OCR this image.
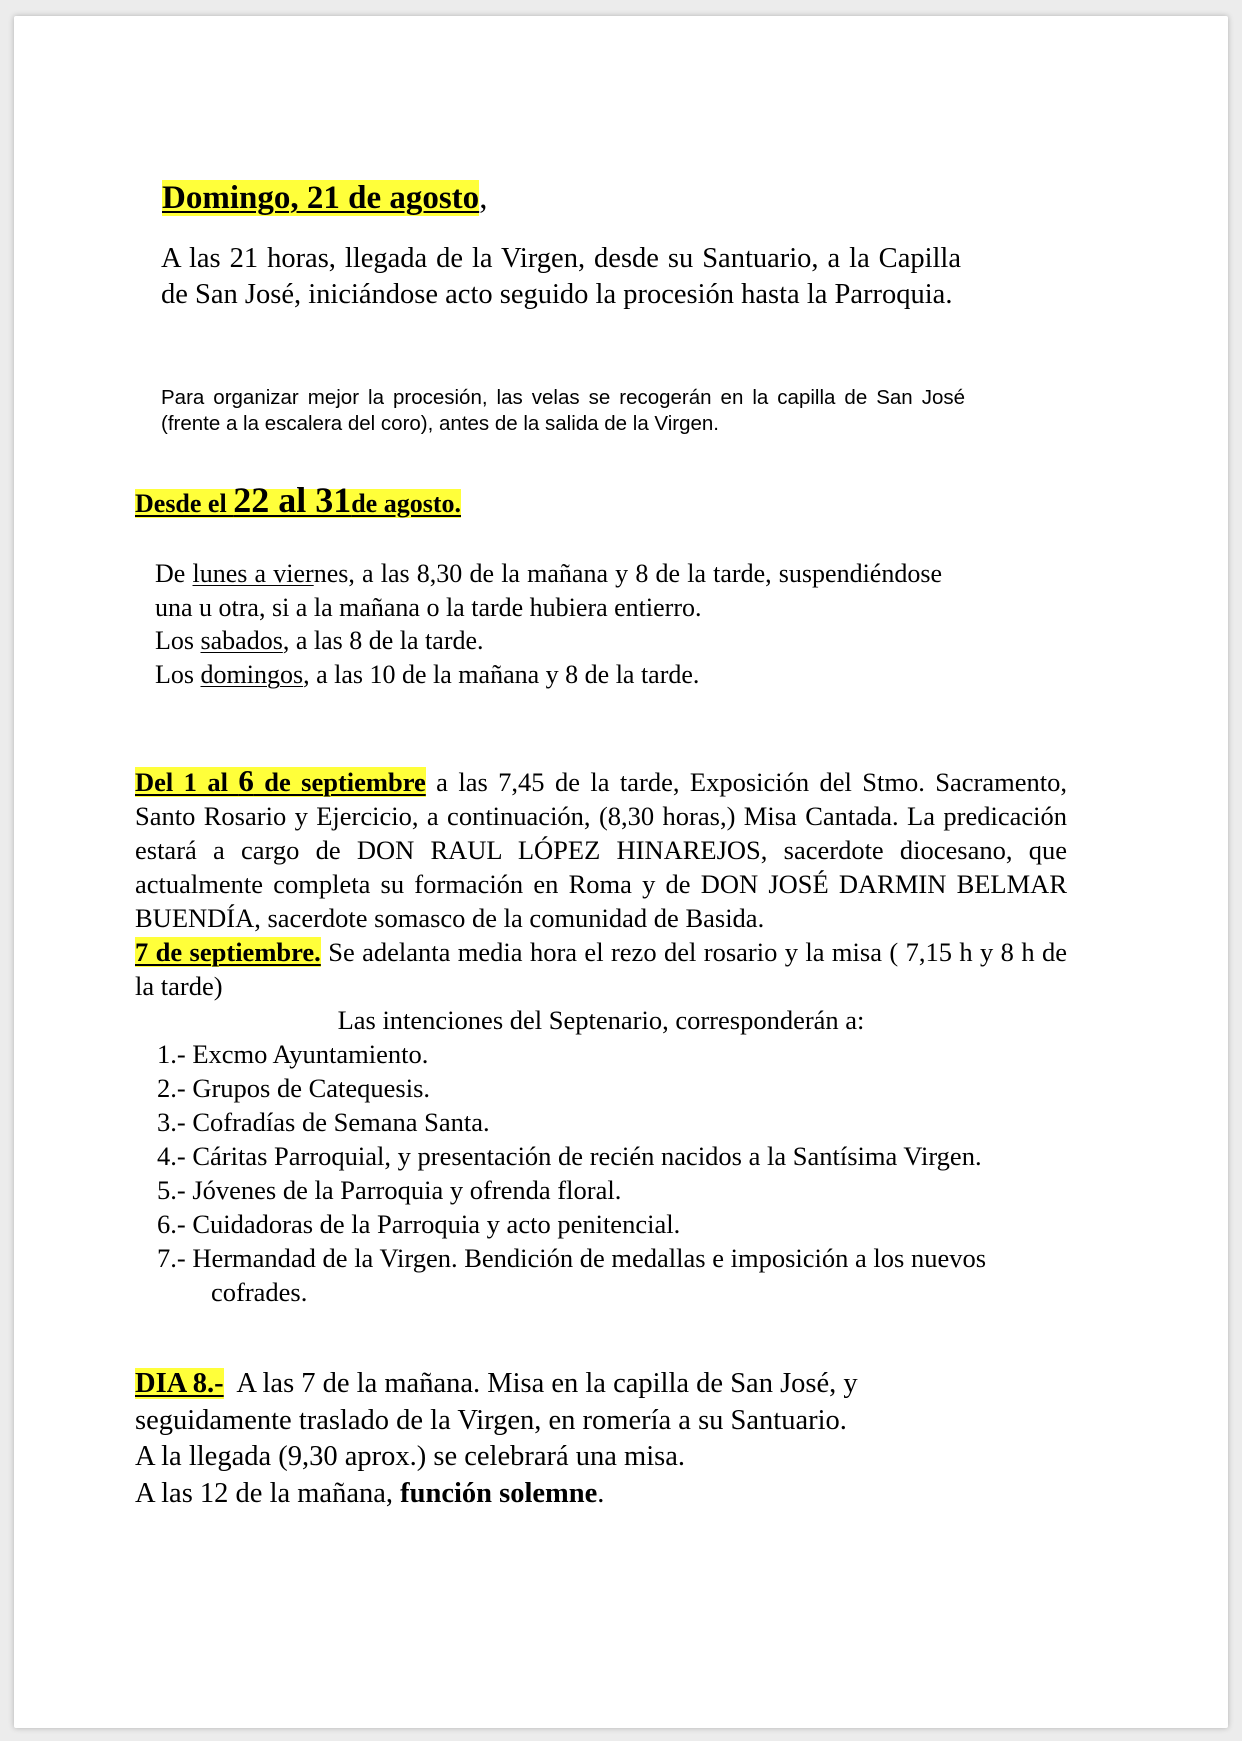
Domingo, 21 de agosto,
A las 21 horas, llegada de la Virgen, desde su Santuario, a la Capilla de San José, iniciándose acto seguido la procesión hasta la Parroquia.
Para organizar mejor la procesión, las velas se recogerán en la capilla de San José (frente a la escalera del coro), antes de la salida de la Virgen.
Desde el 22 al 31de agosto.
De lunes a viernes, a las 8,30 de la mañana y 8 de la tarde, suspendiéndose una u otra, si a la mañana o la tarde hubiera entierro.
Los sabados, a las 8 de la tarde.
Los domingos, a las 10 de la mañana y 8 de la tarde.
Del 1 al 6 de septiembre a las 7,45 de la tarde, Exposición del Stmo. Sacramento, Santo Rosario y Ejercicio, a continuación, (8,30 horas,) Misa Cantada. La predicación estará a cargo de DON RAUL LÓPEZ HINAREJOS, sacerdote diocesano, que actualmente completa su formación en Roma y de DON JOSÉ DARMIN BELMAR BUENDÍA, sacerdote somasco de la comunidad de Basida.
7 de septiembre. Se adelanta media hora el rezo del rosario y la misa ( 7,15 h y 8 h de la tarde)
Las intenciones del Septenario, corresponderán a:
1.- Excmo Ayuntamiento.
2.- Grupos de Catequesis.
3.- Cofradías de Semana Santa.
4.- Cáritas Parroquial, y presentación de recién nacidos a la Santísima Virgen.
5.- Jóvenes de la Parroquia y ofrenda floral.
6.- Cuidadoras de la Parroquia y acto penitencial.
7.- Hermandad de la Virgen. Bendición de medallas e imposición a los nuevos
cofrades.
DIA 8.-  A las 7 de la mañana. Misa en la capilla de San José, y
seguidamente traslado de la Virgen, en romería a su Santuario.
A la llegada (9,30 aprox.) se celebrará una misa.
A las 12 de la mañana, función solemne.
